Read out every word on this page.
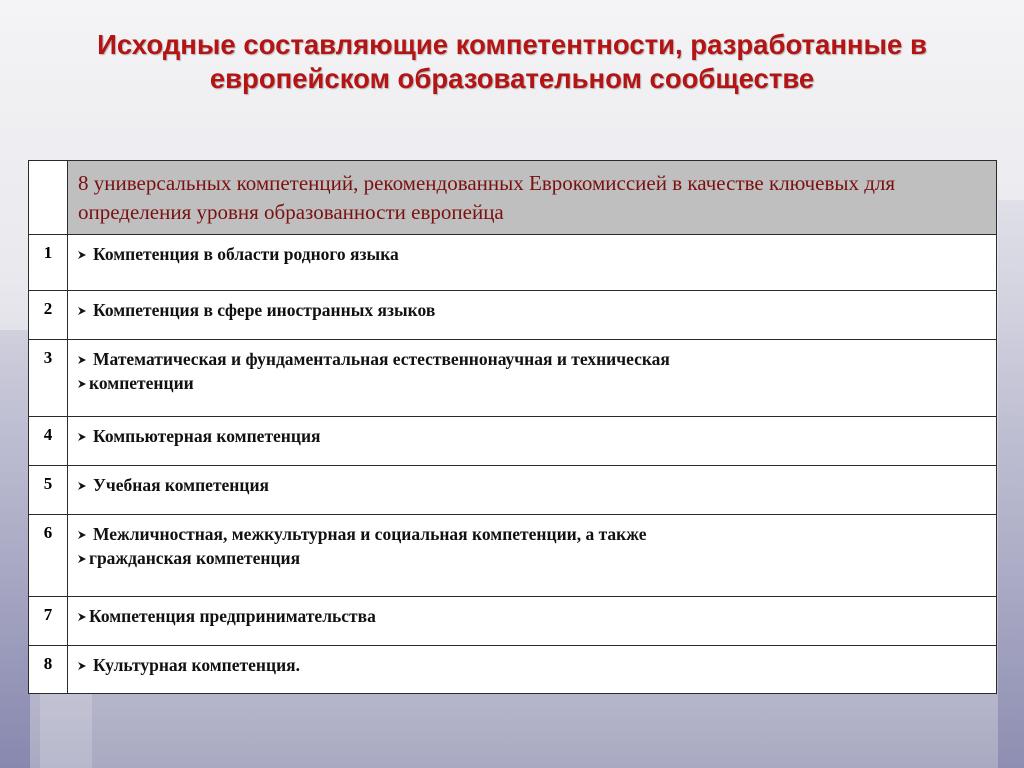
Исходные составляющие компетентности, разработанные в европейском образовательном сообществе

	8 универсальных компетенций, рекомендованных Еврокомиссией в качестве ключевых для определения уровня образованности европейца

1	Компетенция в области родного языка

2	Компетенция в сфере иностранных языков

3	Математическая и фундаментальная естественнонаучная и техническая
компетенции

4	Компьютерная компетенция

5	Учебная компетенция

6	Межличностная, межкультурная и социальная компетенции, а также
гражданская компетенция

7	Компетенция предпринимательства

8	Культурная компетенция.
